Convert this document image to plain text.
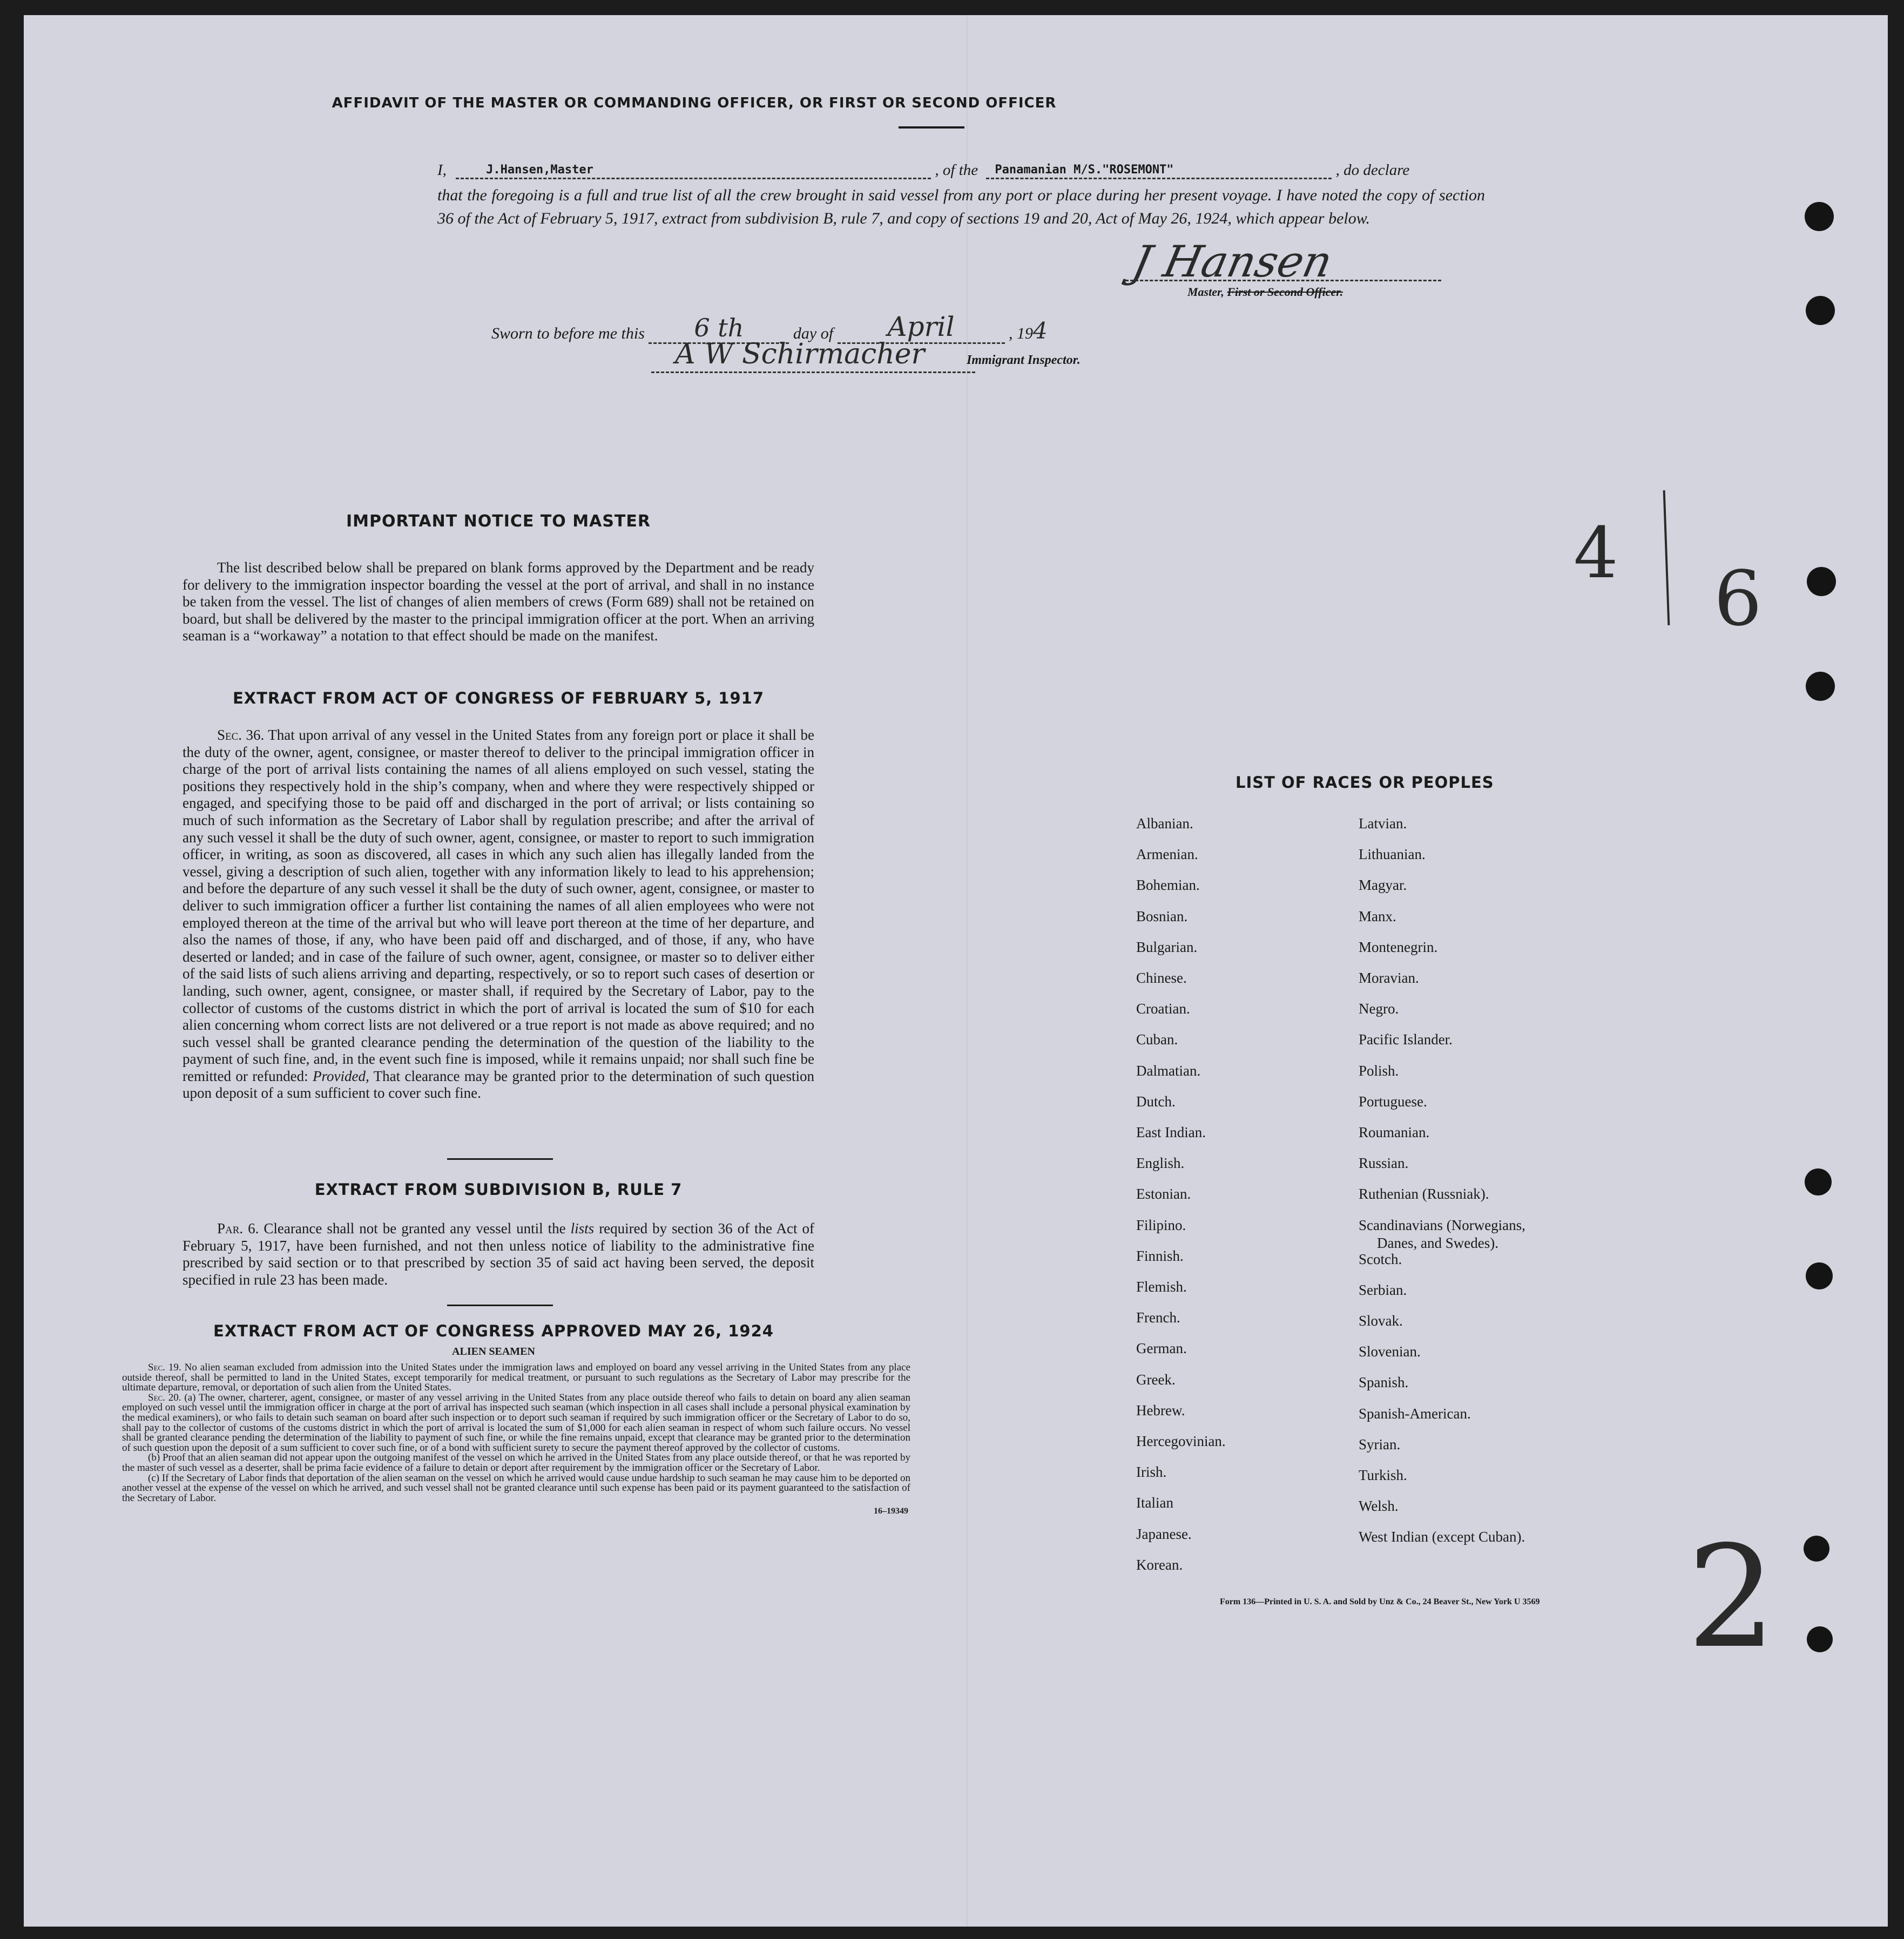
AFFIDAVIT OF THE MASTER OR COMMANDING OFFICER, OR FIRST OR SECOND OFFICER
I,	J.Hansen,Master	, of the Panamanian M/S."ROSEMONT"	, do declare
that the foregoing is a full and true list of all the crew brought in said vessel from any port or place during her present voyage. I have noted the copy of section 36 of the Act of February 5, 1917, extract from subdivision B, rule 7, and copy of sections 19 and 20, Act of May 26, 1924, which appear below.
J Hansen
Master, First or Second Officer.
Sworn to before me this 6 th	day of April	, 194
A W Schirmacher	Immigrant Inspector.
IMPORTANT NOTICE TO MASTER
The list described below shall be prepared on blank forms approved by the Department and be ready for delivery to the immigration inspector boarding the vessel at the port of arrival, and shall in no instance be taken from the vessel. The list of changes of alien members of crews (Form 689) shall not be retained on board, but shall be delivered by the master to the principal immigration officer at the port. When an arriving seaman is a “workaway” a notation to that effect should be made on the manifest.
EXTRACT FROM ACT OF CONGRESS OF FEBRUARY 5, 1917
Sec. 36. That upon arrival of any vessel in the United States from any foreign port or place it shall be the duty of the owner, agent, consignee, or master thereof to deliver to the principal immigration officer in charge of the port of arrival lists containing the names of all aliens employed on such vessel, stating the positions they respectively hold in the ship’s company, when and where they were respectively shipped or engaged, and specifying those to be paid off and discharged in the port of arrival; or lists containing so much of such information as the Secretary of Labor shall by regulation prescribe; and after the arrival of any such vessel it shall be the duty of such owner, agent, consignee, or master to report to such immigration officer, in writing, as soon as discovered, all cases in which any such alien has illegally landed from the vessel, giving a description of such alien, together with any information likely to lead to his apprehension; and before the departure of any such vessel it shall be the duty of such owner, agent, consignee, or master to deliver to such immigration officer a further list containing the names of all alien employees who were not employed thereon at the time of the arrival but who will leave port thereon at the time of her departure, and also the names of those, if any, who have been paid off and discharged, and of those, if any, who have deserted or landed; and in case of the failure of such owner, agent, consignee, or master so to deliver either of the said lists of such aliens arriving and departing, respectively, or so to report such cases of desertion or landing, such owner, agent, consignee, or master shall, if required by the Secretary of Labor, pay to the collector of customs of the customs district in which the port of arrival is located the sum of $10 for each alien concerning whom correct lists are not delivered or a true report is not made as above required; and no such vessel shall be granted clearance pending the determination of the question of the liability to the payment of such fine, and, in the event such fine is imposed, while it remains unpaid; nor shall such fine be remitted or refunded: Provided, That clearance may be granted prior to the determination of such question upon deposit of a sum sufficient to cover such fine.
EXTRACT FROM SUBDIVISION B, RULE 7
Par. 6. Clearance shall not be granted any vessel until the lists required by section 36 of the Act of February 5, 1917, have been furnished, and not then unless notice of liability to the administrative fine prescribed by said section or to that prescribed by section 35 of said act having been served, the deposit specified in rule 23 has been made.
EXTRACT FROM ACT OF CONGRESS APPROVED MAY 26, 1924
ALIEN SEAMEN
Sec. 19. No alien seaman excluded from admission into the United States under the immigration laws and employed on board any vessel arriving in the United States from any place outside thereof, shall be permitted to land in the United States, except temporarily for medical treatment, or pursuant to such regulations as the Secretary of Labor may prescribe for the ultimate departure, removal, or deportation of such alien from the United States.
Sec. 20. (a) The owner, charterer, agent, consignee, or master of any vessel arriving in the United States from any place outside thereof who fails to detain on board any alien seaman employed on such vessel until the immigration officer in charge at the port of arrival has inspected such seaman (which inspection in all cases shall include a personal physical examination by the medical examiners), or who fails to detain such seaman on board after such inspection or to deport such seaman if required by such immigration officer or the Secretary of Labor to do so, shall pay to the collector of customs of the customs district in which the port of arrival is located the sum of $1,000 for each alien seaman in respect of whom such failure occurs. No vessel shall be granted clearance pending the determination of the liability to payment of such fine, or while the fine remains unpaid, except that clearance may be granted prior to the determination of such question upon the deposit of a sum sufficient to cover such fine, or of a bond with sufficient surety to secure the payment thereof approved by the collector of customs.
(b) Proof that an alien seaman did not appear upon the outgoing manifest of the vessel on which he arrived in the United States from any place outside thereof, or that he was reported by the master of such vessel as a deserter, shall be prima facie evidence of a failure to detain or deport after requirement by the immigration officer or the Secretary of Labor.
(c) If the Secretary of Labor finds that deportation of the alien seaman on the vessel on which he arrived would cause undue hardship to such seaman he may cause him to be deported on another vessel at the expense of the vessel on which he arrived, and such vessel shall not be granted clearance until such expense has been paid or its payment guaranteed to the satisfaction of the Secretary of Labor.
16–19349
LIST OF RACES OR PEOPLES
Albanian.
Armenian.
Bohemian.
Bosnian.
Bulgarian.
Chinese.
Croatian.
Cuban.
Dalmatian.
Dutch.
East Indian.
English.
Estonian.
Filipino.
Finnish.
Flemish.
French.
German.
Greek.
Hebrew.
Hercegovinian.
Irish.
Italian
Japanese.
Korean.
Latvian.
Lithuanian.
Magyar.
Manx.
Montenegrin.
Moravian.
Negro.
Pacific Islander.
Polish.
Portuguese.
Roumanian.
Russian.
Ruthenian (Russniak).
Scandinavians (Norwegians,
Danes, and Swedes).
Scotch.
Serbian.
Slovak.
Slovenian.
Spanish.
Spanish-American.
Syrian.
Turkish.
Welsh.
West Indian (except Cuban).
Form 136—Printed in U. S. A. and Sold by Unz & Co., 24 Beaver St., New York U 3569
4
6
2
